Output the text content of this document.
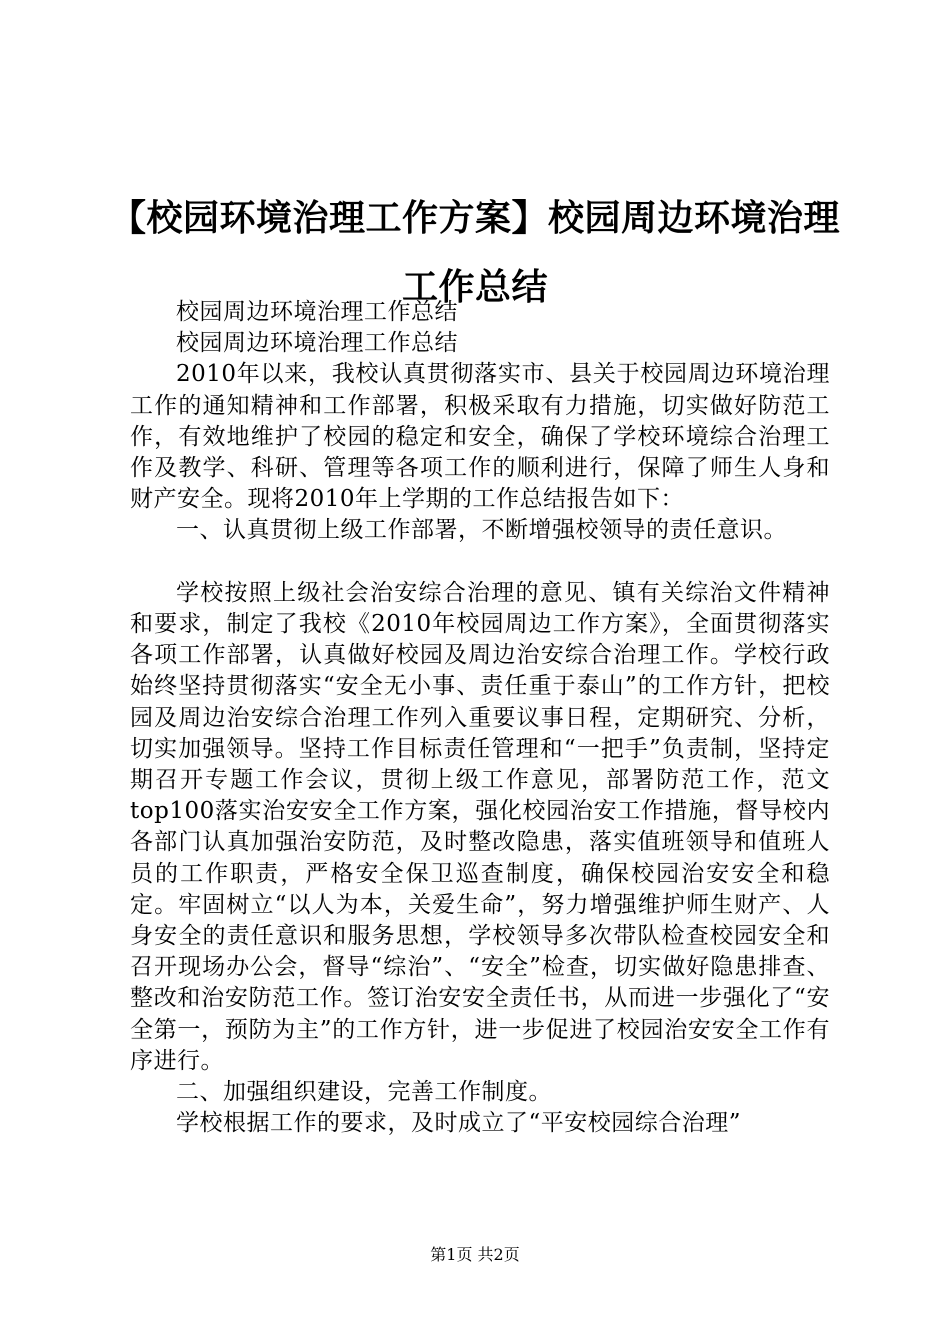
【校园环境治理工作方案】校园周边环境治理工作总结

校园周边环境治理工作总结

校园周边环境治理工作总结

2010年以来，我校认真贯彻落实市、县关于校园周边环境治理工作的通知精神和工作部署，积极采取有力措施，切实做好防范工作，有效地维护了校园的稳定和安全，确保了学校环境综合治理工作及教学、科研、管理等各项工作的顺利进行，保障了师生人身和财产安全。现将2010年上学期的工作总结报告如下：

一、认真贯彻上级工作部署，不断增强校领导的责任意识。

学校按照上级社会治安综合治理的意见、镇有关综治文件精神和要求，制定了我校《2010年校园周边工作方案》，全面贯彻落实各项工作部署，认真做好校园及周边治安综合治理工作。学校行政始终坚持贯彻落实“安全无小事、责任重于泰山”的工作方针，把校园及周边治安综合治理工作列入重要议事日程，定期研究、分析，切实加强领导。坚持工作目标责任管理和“一把手”负责制，坚持定期召开专题工作会议，贯彻上级工作意见，部署防范工作，范文top100落实治安安全工作方案，强化校园治安工作措施，督导校内各部门认真加强治安防范，及时整改隐患，落实值班领导和值班人员的工作职责，严格安全保卫巡查制度，确保校园治安安全和稳定。牢固树立“以人为本，关爱生命”，努力增强维护师生财产、人身安全的责任意识和服务思想，学校领导多次带队检查校园安全和召开现场办公会，督导“综治”、“安全”检查，切实做好隐患排查、整改和治安防范工作。签订治安安全责任书，从而进一步强化了“安全第一，预防为主”的工作方针，进一步促进了校园治安安全工作有序进行。

二、加强组织建设，完善工作制度。

学校根据工作的要求，及时成立了“平安校园综合治理”

第1页 共2页
